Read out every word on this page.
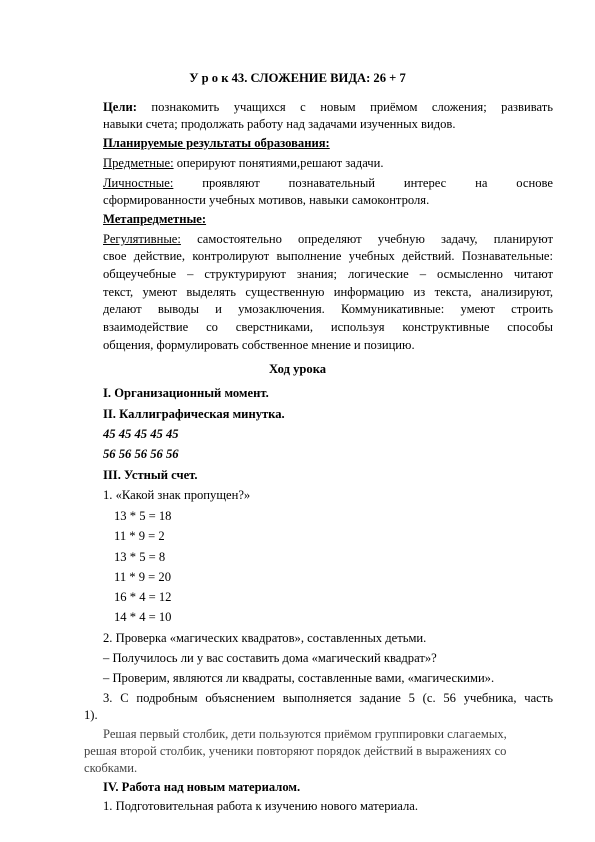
У р о к 43. СЛОЖЕНИЕ ВИДА: 26 + 7
Цели: познакомить учащихся с новым приёмом сложения; развивать
навыки счета; продолжать работу над задачами изученных видов.
Планируемые результаты образования:
Предметные: оперируют понятиями,решают задачи.
Личностные: проявляют познавательный интерес на основе
сформированности учебных мотивов, навыки самоконтроля.
Метапредметные:
Регулятивные: самостоятельно определяют учебную задачу, планируют
свое действие, контролируют выполнение учебных действий. Познавательные:
общеучебные – структурируют знания; логические – осмысленно читают
текст, умеют выделять существенную информацию из текста, анализируют,
делают выводы и умозаключения. Коммуникативные: умеют строить
взаимодействие со сверстниками, используя конструктивные способы
общения, формулировать собственное мнение и позицию.
Ход урока
I. Организационный момент.
II. Каллиграфическая минутка.
45 45 45 45 45
56 56 56 56 56
III. Устный счет.
1. «Какой знак пропущен?»
13 * 5 = 18
11 * 9 = 2
13 * 5 = 8
11 * 9 = 20
16 * 4 = 12
14 * 4 = 10
2. Проверка «магических квадратов», составленных детьми.
– Получилось ли у вас составить дома «магический квадрат»?
– Проверим, являются ли квадраты, составленные вами, «магическими».
3. С подробным объяснением выполняется задание 5 (с. 56 учебника, часть
1).
Решая первый столбик, дети пользуются приёмом группировки слагаемых,
решая второй столбик, ученики повторяют порядок действий в выражениях со
скобками.
IV. Работа над новым материалом.
1. Подготовительная работа к изучению нового материала.
